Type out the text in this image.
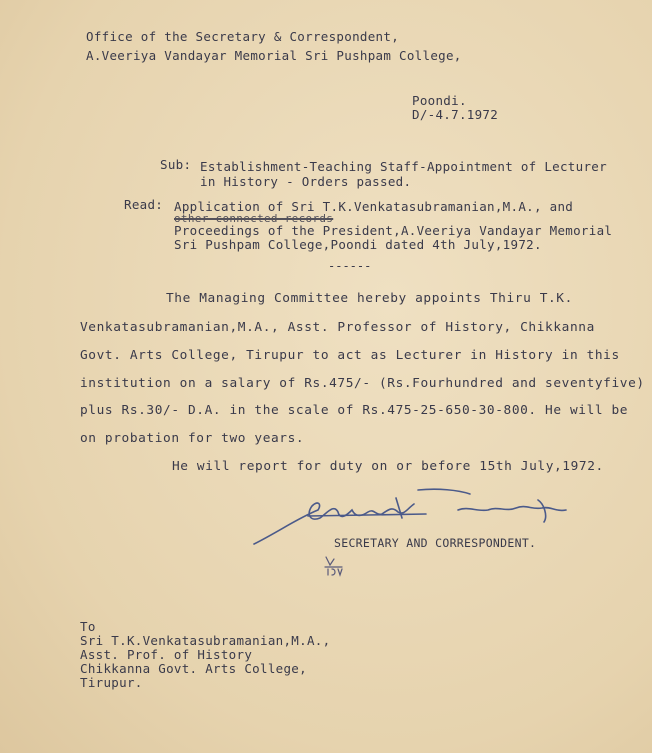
Office of the Secretary & Correspondent,
A.Veeriya Vandayar Memorial Sri Pushpam College,
Poondi.
D/-4.7.1972
Sub: Establishment-Teaching Staff-Appointment of Lecturer
in History - Orders passed.
Read: Application of Sri T.K.Venkatasubramanian,M.A., and
other connected records
Proceedings of the President,A.Veeriya Vandayar Memorial
Sri Pushpam College,Poondi dated 4th July,1972.
------
The Managing Committee hereby appoints Thiru T.K.
Venkatasubramanian,M.A., Asst. Professor of History, Chikkanna
Govt. Arts College, Tirupur to act as Lecturer in History in this
institution on a salary of Rs.475/- (Rs.Fourhundred and seventyfive)
plus Rs.30/- D.A. in the scale of Rs.475-25-650-30-800. He will be
on probation for two years.
He will report for duty on or before 15th July,1972.
SECRETARY AND CORRESPONDENT.
To
Sri T.K.Venkatasubramanian,M.A.,
Asst. Prof. of History
Chikkanna Govt. Arts College,
Tirupur.
